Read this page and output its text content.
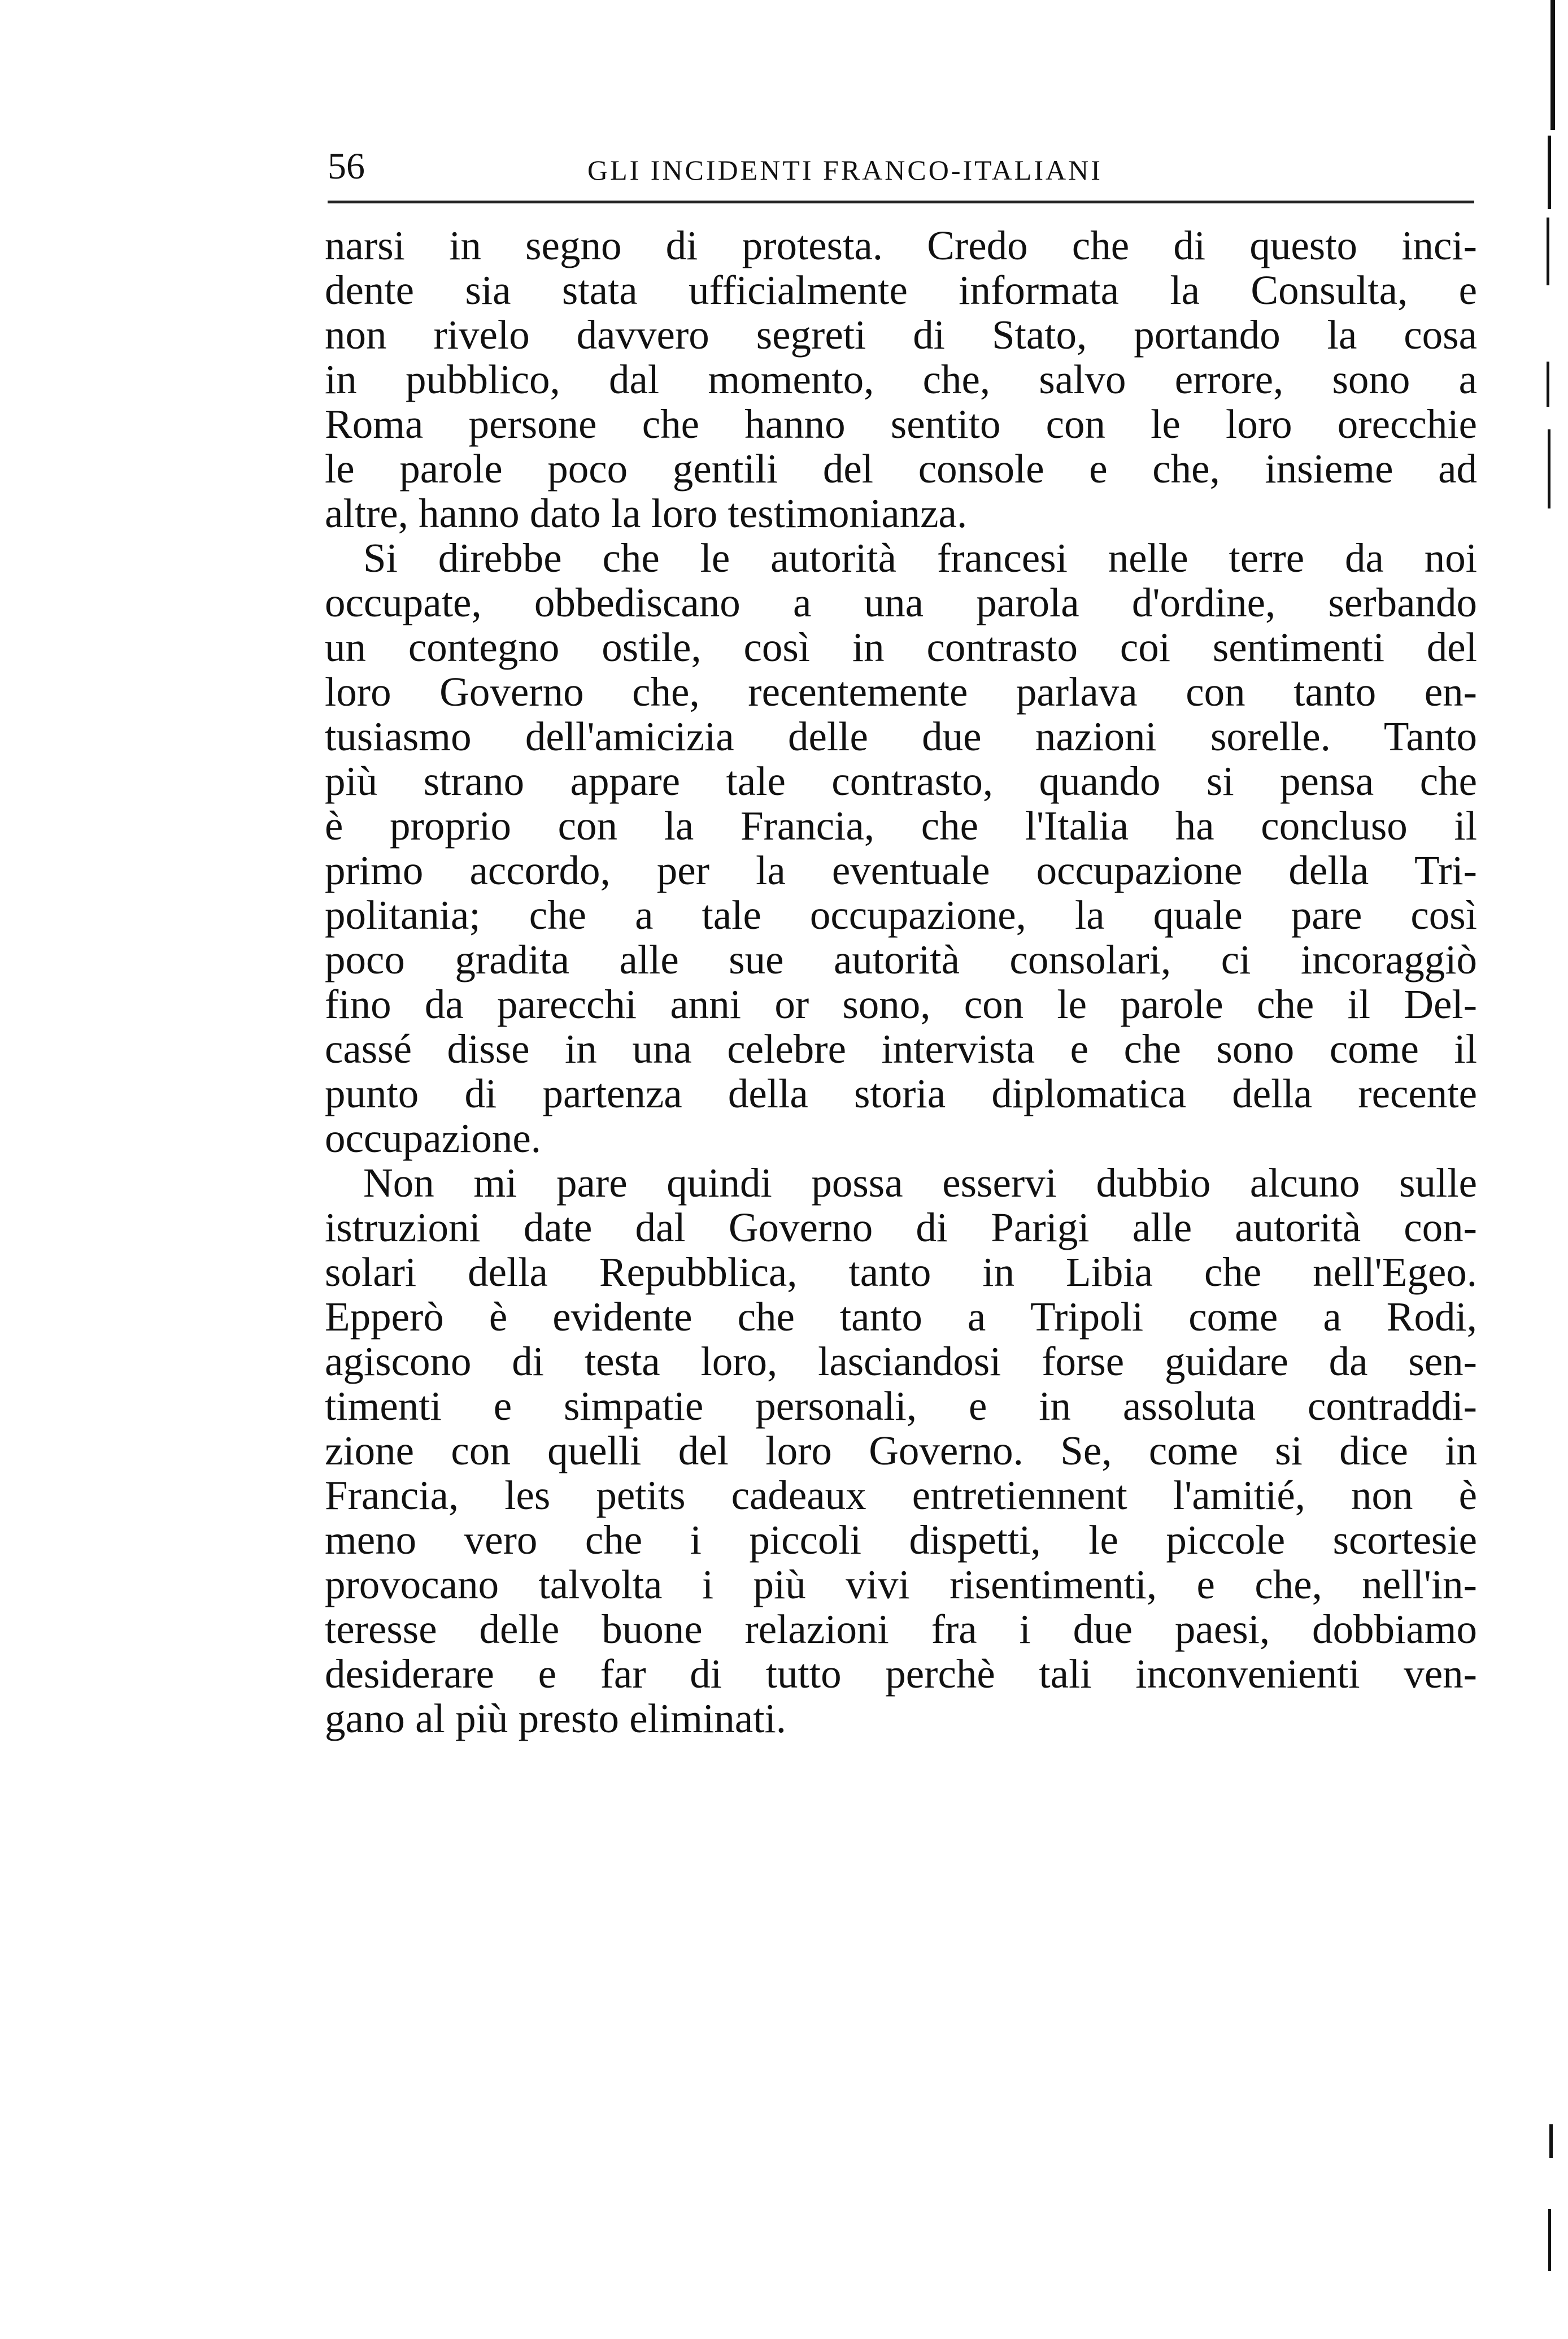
56	GLI INCIDENTI FRANCO-ITALIANI
narsi in segno di protesta. Credo che di questo inci-
dente sia stata ufficialmente informata la Consulta, e
non rivelo davvero segreti di Stato, portando la cosa
in pubblico, dal momento, che, salvo errore, sono a
Roma persone che hanno sentito con le loro orecchie
le parole poco gentili del console e che, insieme ad
altre, hanno dato la loro testimonianza.
Si direbbe che le autorità francesi nelle terre da noi
occupate, obbediscano a una parola d'ordine, serbando
un contegno ostile, così in contrasto coi sentimenti del
loro Governo che, recentemente parlava con tanto en-
tusiasmo dell'amicizia delle due nazioni sorelle. Tanto
più strano appare tale contrasto, quando si pensa che
è proprio con la Francia, che l'Italia ha concluso il
primo accordo, per la eventuale occupazione della Tri-
politania; che a tale occupazione, la quale pare così
poco gradita alle sue autorità consolari, ci incoraggiò
fino da parecchi anni or sono, con le parole che il Del-
cassé disse in una celebre intervista e che sono come il
punto di partenza della storia diplomatica della recente
occupazione.
Non mi pare quindi possa esservi dubbio alcuno sulle
istruzioni date dal Governo di Parigi alle autorità con-
solari della Repubblica, tanto in Libia che nell'Egeo.
Epperò è evidente che tanto a Tripoli come a Rodi,
agiscono di testa loro, lasciandosi forse guidare da sen-
timenti e simpatie personali, e in assoluta contraddi-
zione con quelli del loro Governo. Se, come si dice in
Francia, les petits cadeaux entretiennent l'amitié, non è
meno vero che i piccoli dispetti, le piccole scortesie
provocano talvolta i più vivi risentimenti, e che, nell'in-
teresse delle buone relazioni fra i due paesi, dobbiamo
desiderare e far di tutto perchè tali inconvenienti ven-
gano al più presto eliminati.
